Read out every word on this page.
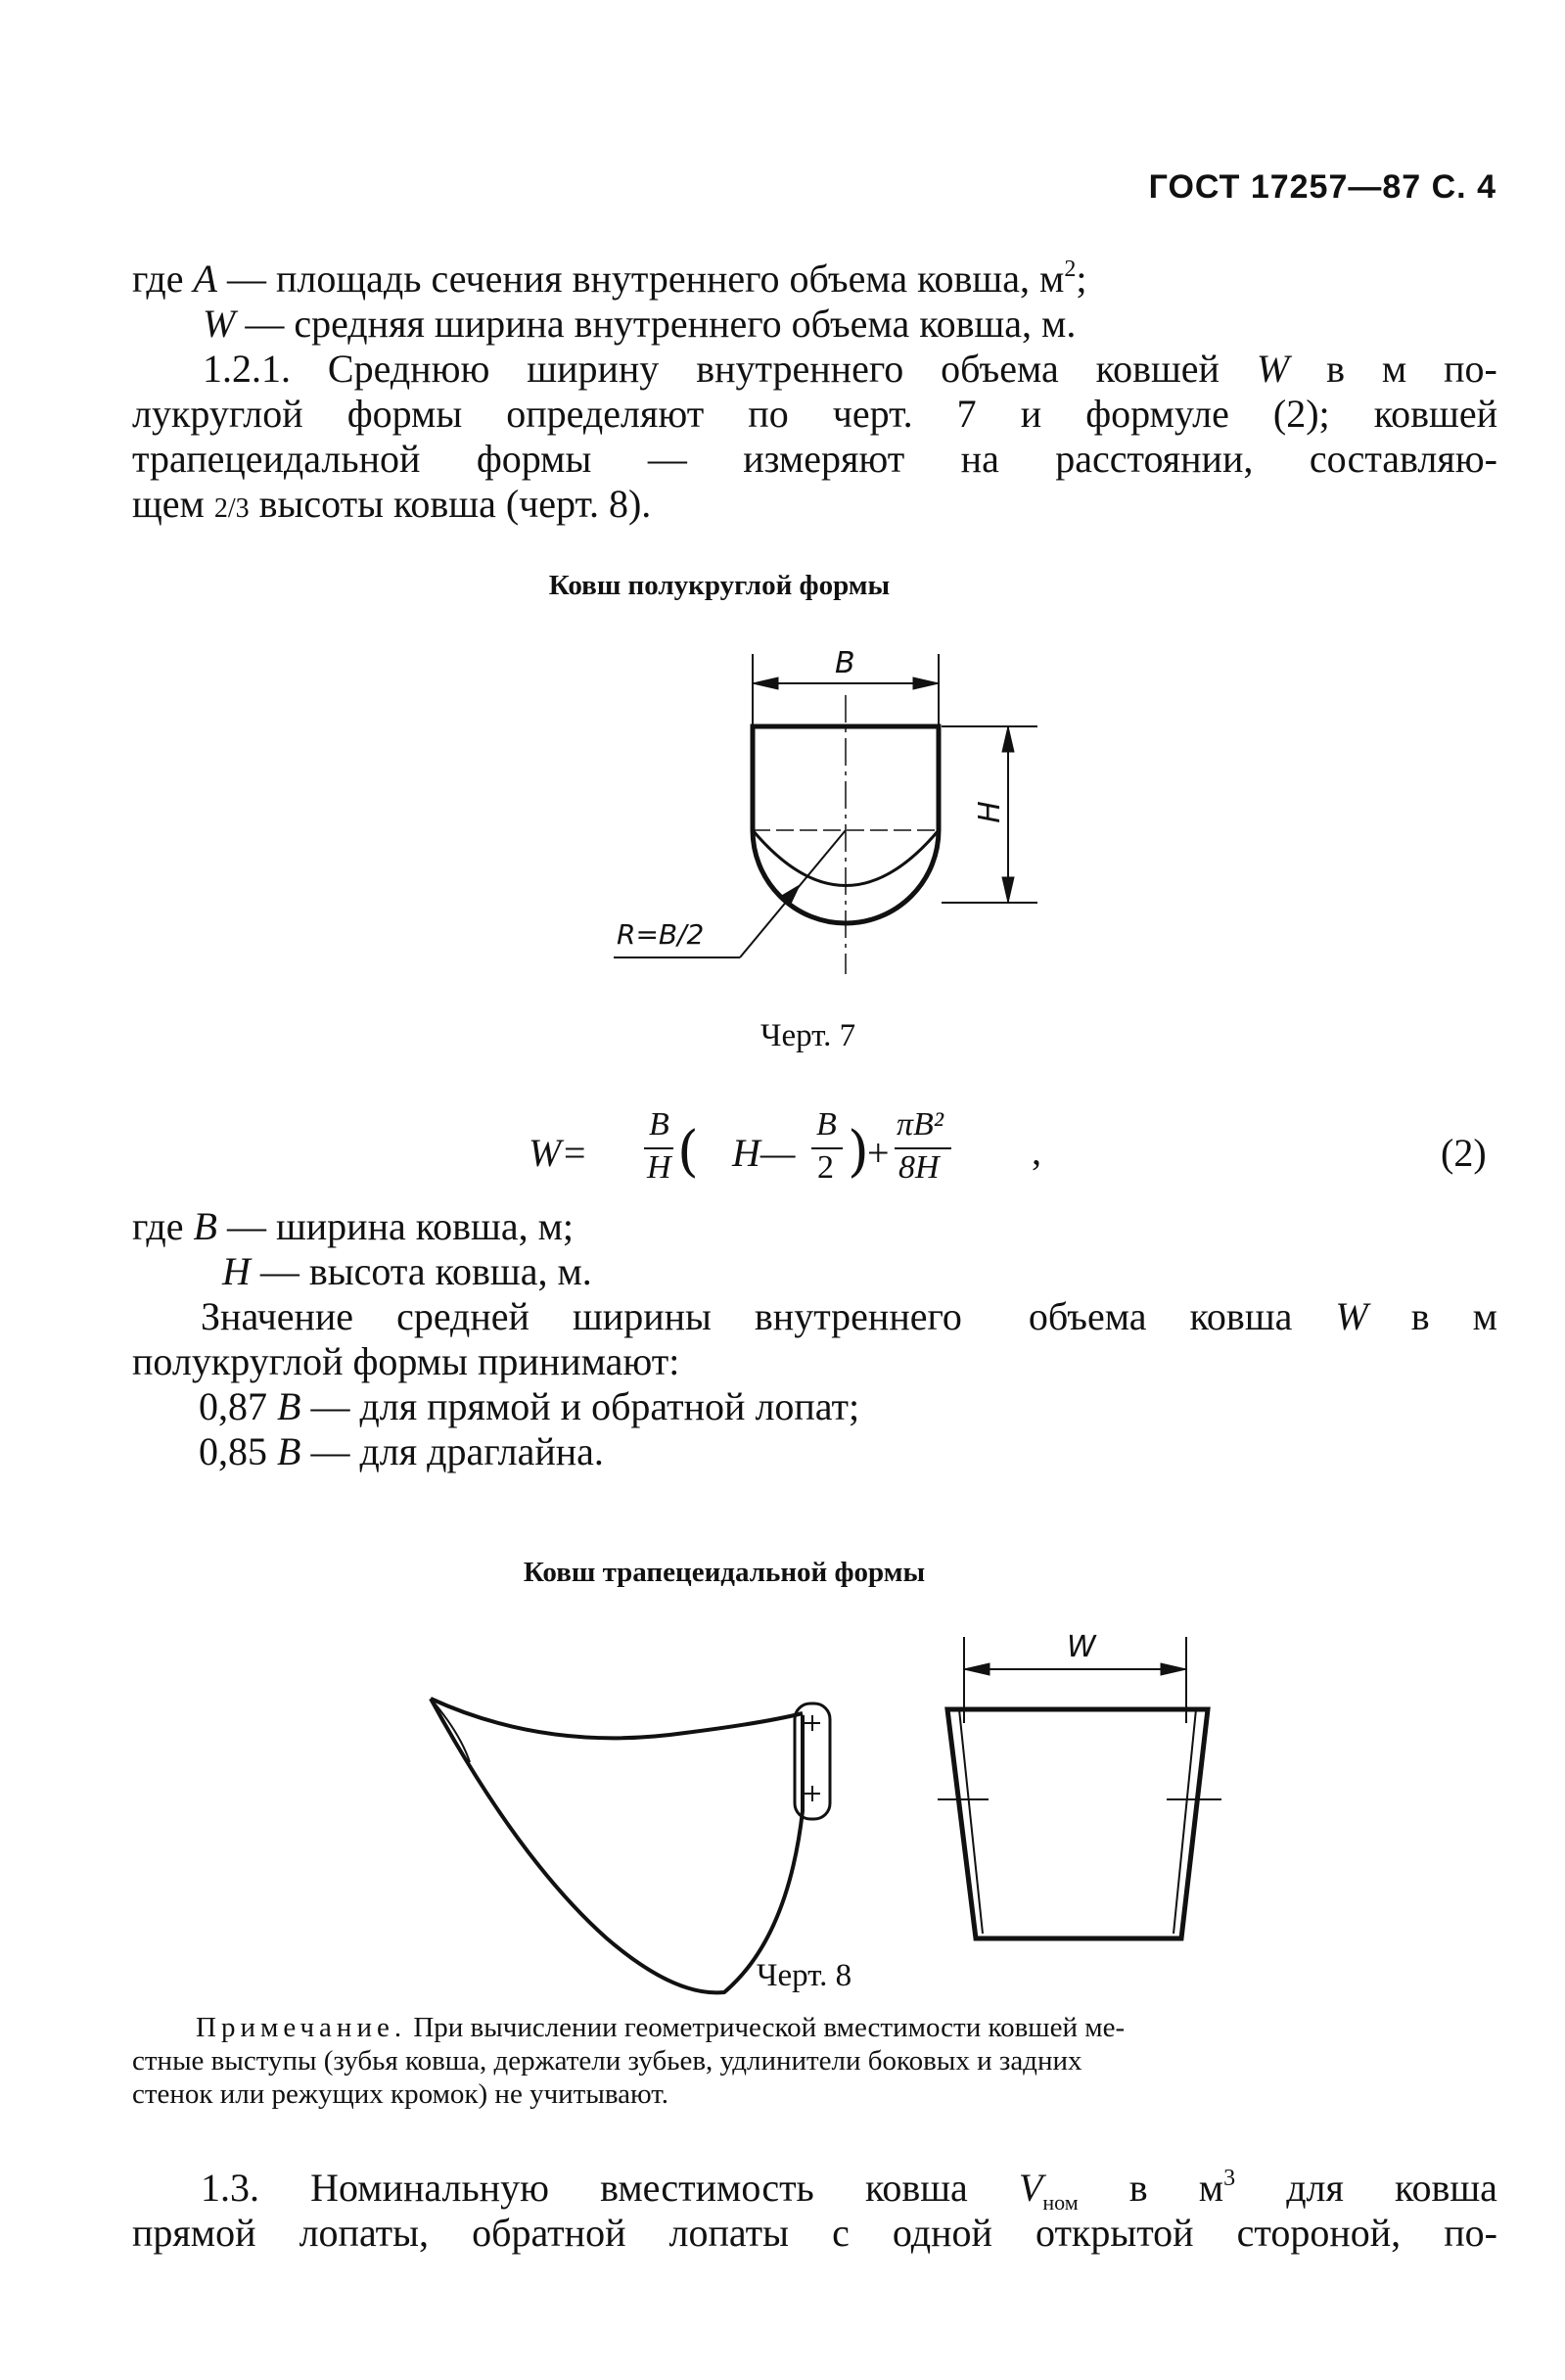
ГОСТ 17257—87 С. 4
где A — площадь сечения внутреннего объема ковша, $м^2$;
W — средняя ширина внутреннего объема ковша, м.
1.2.1. Среднюю ширину внутреннего объема ковшей W в м по-
лукруглой формы определяют по черт. 7 и формуле (2); ковшей
трапецеидальной формы — измеряют на расстоянии, составляю-
щем 2/3 высоты ковша (черт. 8).
Ковш полукруглой формы
B
H
R=B/2
Черт. 7
W=
B
H ( H—
B
2 )
+
πB²
8H ,	(2)
где B — ширина ковша, м;
H — высота ковша, м.
Значение средней ширины внутреннего объема ковша W в м
полукруглой формы принимают:
0,87 B — для прямой и обратной лопат;
0,85 B — для драглайна.
Ковш трапецеидальной формы
W
Черт. 8
Примечание. При вычислении геометрической вместимости ковшей ме-
стные выступы (зубья ковша, держатели зубьев, удлинители боковых и задних
стенок или режущих кромок) не учитывают.
1.3. Номинальную вместимость ковша $V_{ном}$ в $м^3$ для ковша
прямой лопаты, обратной лопаты с одной открытой стороной, по-
